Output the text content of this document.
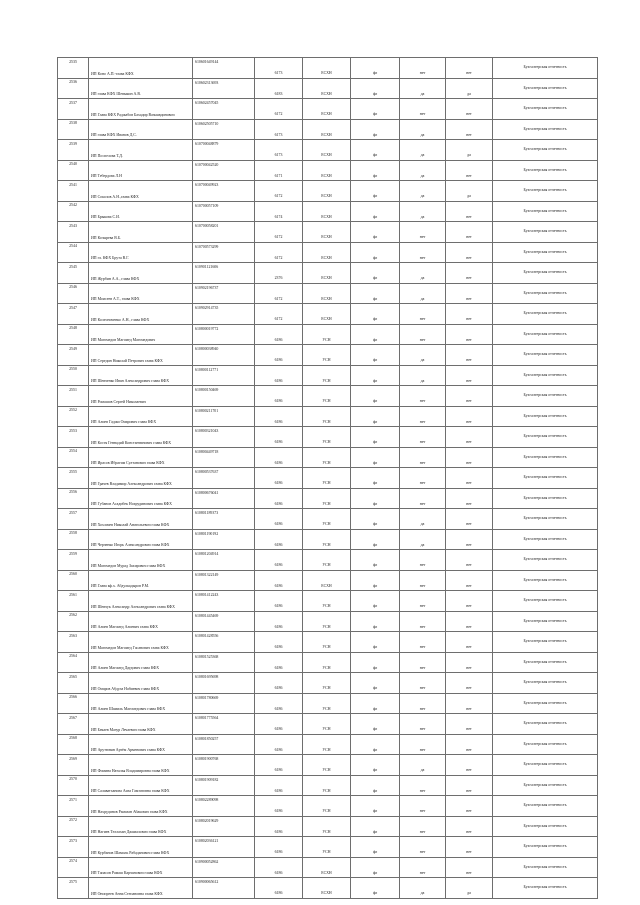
2535	ИП Коно А.П.-глава КФХ	610601649144	6173	ЕСХН	фл	нет	нет	Бухгалтерская отчетность
2536	ИП глава КФХ Шевыкин А.В.	610602313693	6183	ЕСХН	фл	да	да	Бухгалтерская отчетность
2537	ИП Глава КФХ Раджабов Бахадир Вазыявдинович	610602457045	6172	ЕСХН	фл	нет	нет	Бухгалтерская отчетность
2538	ИП глава КФХ Иванов Д.С.	610602505710	6173	ЕСХН	фл	да	нет	Бухгалтерская отчетность
2539	ИП Поспелова Т.Д.	610700048879	6173	ЕСХН	фл	да	да	Бухгалтерская отчетность
2540	ИП Тебердова Л.Н	610700042520	6171	ЕСХН	фл	да	нет	Бухгалтерская отчетность
2541	ИП Соколов А.Н.,глава КФХ	610700049923	6172	ЕСХН	фл	да	да	Бухгалтерская отчетность
2542	ИП Брыкова С.И.	610700057109	6174	ЕСХН	фл	да	нет	Бухгалтерская отчетность
2543	ИП Козырева В.Б.	610700058201	6172	ЕСХН	фл	нет	нет	Бухгалтерская отчетность
2544	ИП гл. КФХ Брута В.Г.	610700573299	6172	ЕСХН	фл	нет	нет	Бухгалтерская отчетность
2545	ИП Журбин А.А., глава КФХ	610901121606	2376	ЕСХН	фл	да	нет	Бухгалтерская отчетность
2546	ИП Моисеев А.Т., глава КФХ	610902196737	6172	ЕСХН	фл	да	нет	Бухгалтерская отчетность
2547	ИП Колесниченко А.Н., глава КФХ	610902914735	6172	ЕСХН	фл	нет	нет	Бухгалтерская отчетность
2548	ИП Магомедов Магомед Магомедович	610800019772	6186	УСН	фл	нет	нет	Бухгалтерская отчетность
2549	ИП Середин Николай Петрович глава КФХ	610800038940	6186	УСН	фл	да	нет	Бухгалтерская отчетность
2550	ИП Шевченко Иван Александрович глава КФХ	610800112771	6186	УСН	фл	да	нет	Бухгалтерская отчетность
2551	ИП Ромашов Сергей Николаевич	610800150469	6186	УСН	фл	нет	нет	Бухгалтерская отчетность
2552	ИП Алиев Гаджи Омарович глава КФХ	610800211701	6186	УСН	фл	нет	нет	Бухгалтерская отчетность
2553	ИП Костя Геннадий Константинович глава КФХ	610800321043	6186	УСН	фл	нет	нет	Бухгалтерская отчетность
2554	ИП Ирасов Ибрагим Султанович глава КФХ	610800449718	6186	УСН	фл	нет	нет	Бухгалтерская отчетность
2555	ИП Грачев Владимир Александрович глава КФХ	610800537637	6186	УСН	фл	нет	нет	Бухгалтерская отчетность
2556	ИП Губанов Асадибек Нохрудинович глава КФХ	610800676041	6186	УСН	фл	нет	нет	Бухгалтерская отчетность
2557	ИП Хохлачев Николай Анатольевич глава КФХ	610801189373	6186	УСН	фл	да	нет	Бухгалтерская отчетность
2558	ИП Черченко Игорь Александрович глава КФХ	610801190192	6186	УСН	фл	да	нет	Бухгалтерская отчетность
2559	ИП Магомедов Мурад Захирович глава КФХ	610801204914	6186	УСН	фл	нет	нет	Бухгалтерская отчетность
2560	ИП Глава кф.х. Абдулкадыров Р.М.	610801322149	6186	ЕСХН	фл	нет	нет	Бухгалтерская отчетность
2561	ИП Шевчук Александр Александрович глава КФХ	610801412243	6186	УСН	фл	нет	нет	Бухгалтерская отчетность
2562	ИП Алиев Магомед Алиевич глава КФХ	610801445469	6186	УСН	фл	нет	нет	Бухгалтерская отчетность
2563	ИП Магомедов Магомед Гасанович глава КФХ	610801428556	6186	УСН	фл	нет	нет	Бухгалтерская отчетность
2564	ИП Алиев Магомед Даудович глава КФХ	610801525368	6186	УСН	фл	нет	нет	Бухгалтерская отчетность
2565	ИП Омаров Абдула Набиевич глава КФХ	610801695698	6186	УСН	фл	нет	нет	Бухгалтерская отчетность
2566	ИП Алиев Шамиль Магомедович глава КФХ	610801780669	6186	УСН	фл	нет	нет	Бухгалтерская отчетность
2567	ИП Бекаев Мазур Лечаевич глава КФХ	610801775564	6186	УСН	фл	нет	нет	Бухгалтерская отчетность
2568	ИП Арутюнян Артём Арменович глава КФХ	610801850257	6186	УСН	фл	нет	нет	Бухгалтерская отчетность
2569	ИП Фомина Наталья Владимировна глава КФХ	610801900768	6186	УСН	фл	да	нет	Бухгалтерская отчетность
2570	ИП Салаватханова Аиза Гамзатовна глава КФХ	610801909182	6186	УСН	фл	нет	нет	Бухгалтерская отчетность
2571	ИП Нахрудинов Рамазан Абакович глава КФХ	610802289098	6186	УСН	фл	нет	нет	Бухгалтерская отчетность
2572	ИП Нагиев Теллахан Джамалович глава КФХ	610802019629	6186	УСН	фл	нет	нет	Бухгалтерская отчетность
2573	ИП Курбанов Шамиль Рабаданович глава КФХ	610802036121	6186	УСН	фл	нет	нет	Бухгалтерская отчетность
2574	ИП Тапасов Рамаш Карчанович глава КФХ	610900052862	6186	ЕСХН	фл	нет	нет	Бухгалтерская отчетность
2575	ИП Онопреев Анна Степановна глава КФХ	610900065612	6186	ЕСХН	фл	да	да	Бухгалтерская отчетность
